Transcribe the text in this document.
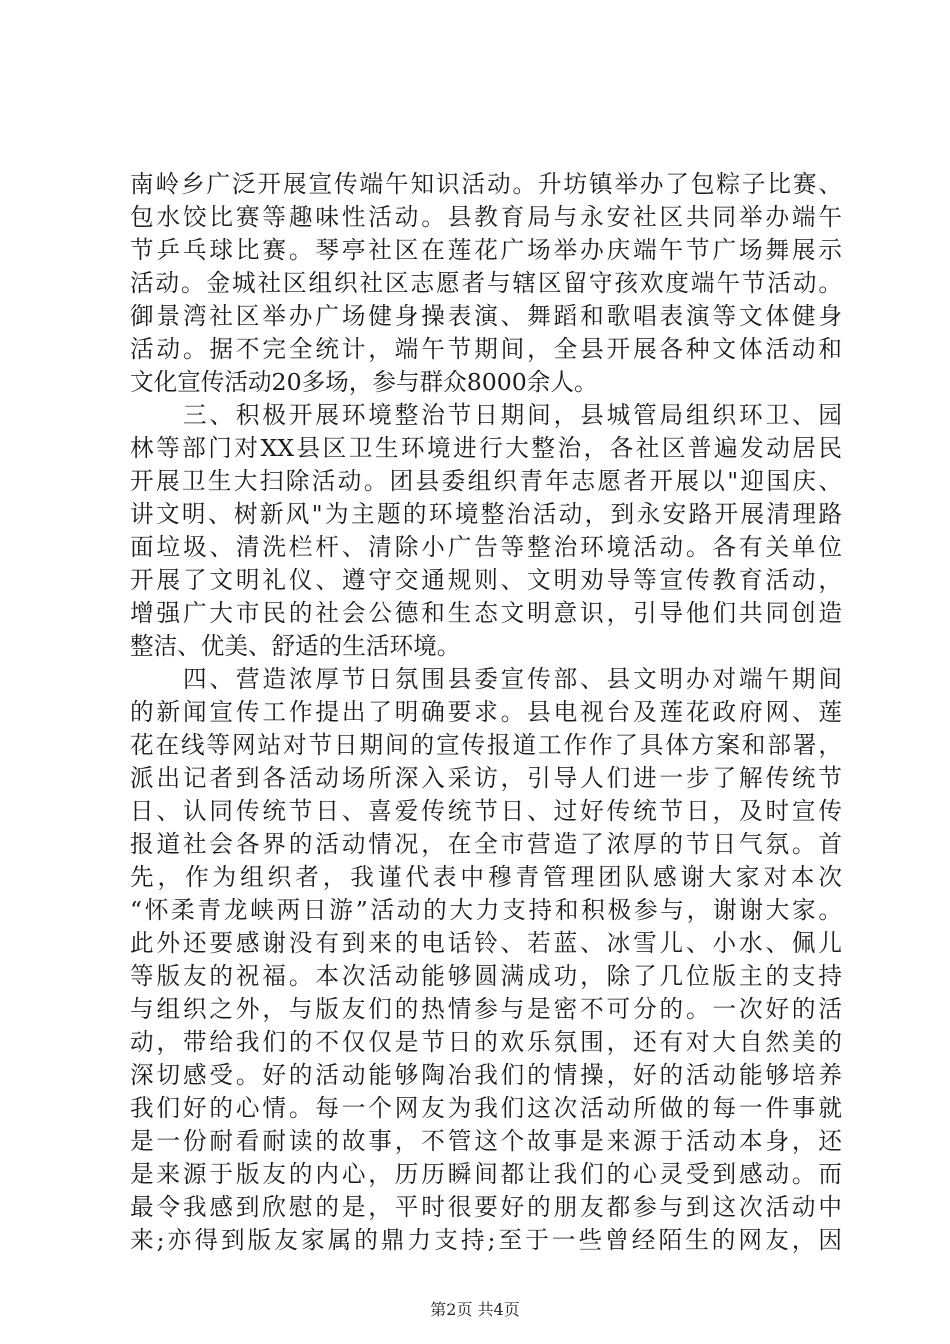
南岭乡广泛开展宣传端午知识活动。升坊镇举办了包粽子比赛、
包水饺比赛等趣味性活动。县教育局与永安社区共同举办端午
节乒乓球比赛。琴亭社区在莲花广场举办庆端午节广场舞展示
活动。金城社区组织社区志愿者与辖区留守孩欢度端午节活动。
御景湾社区举办广场健身操表演、舞蹈和歌唱表演等文体健身
活动。据不完全统计，端午节期间，全县开展各种文体活动和
文化宣传活动20多场，参与群众8000余人。
　　三、积极开展环境整治节日期间，县城管局组织环卫、园
林等部门对XX县区卫生环境进行大整治，各社区普遍发动居民
开展卫生大扫除活动。团县委组织青年志愿者开展以"迎国庆、
讲文明、树新风"为主题的环境整治活动，到永安路开展清理路
面垃圾、清洗栏杆、清除小广告等整治环境活动。各有关单位
开展了文明礼仪、遵守交通规则、文明劝导等宣传教育活动，
增强广大市民的社会公德和生态文明意识，引导他们共同创造
整洁、优美、舒适的生活环境。
　　四、营造浓厚节日氛围县委宣传部、县文明办对端午期间
的新闻宣传工作提出了明确要求。县电视台及莲花政府网、莲
花在线等网站对节日期间的宣传报道工作作了具体方案和部署，
派出记者到各活动场所深入采访，引导人们进一步了解传统节
日、认同传统节日、喜爱传统节日、过好传统节日，及时宣传
报道社会各界的活动情况，在全市营造了浓厚的节日气氛。首
先，作为组织者，我谨代表中穆青管理团队感谢大家对本次
“怀柔青龙峡两日游”活动的大力支持和积极参与，谢谢大家。
此外还要感谢没有到来的电话铃、若蓝、冰雪儿、小水、佩儿
等版友的祝福。本次活动能够圆满成功，除了几位版主的支持
与组织之外，与版友们的热情参与是密不可分的。一次好的活
动，带给我们的不仅仅是节日的欢乐氛围，还有对大自然美的
深切感受。好的活动能够陶冶我们的情操，好的活动能够培养
我们好的心情。每一个网友为我们这次活动所做的每一件事就
是一份耐看耐读的故事，不管这个故事是来源于活动本身，还
是来源于版友的内心，历历瞬间都让我们的心灵受到感动。而
最令我感到欣慰的是，平时很要好的朋友都参与到这次活动中
来;亦得到版友家属的鼎力支持;至于一些曾经陌生的网友，因
第2页 共4页
